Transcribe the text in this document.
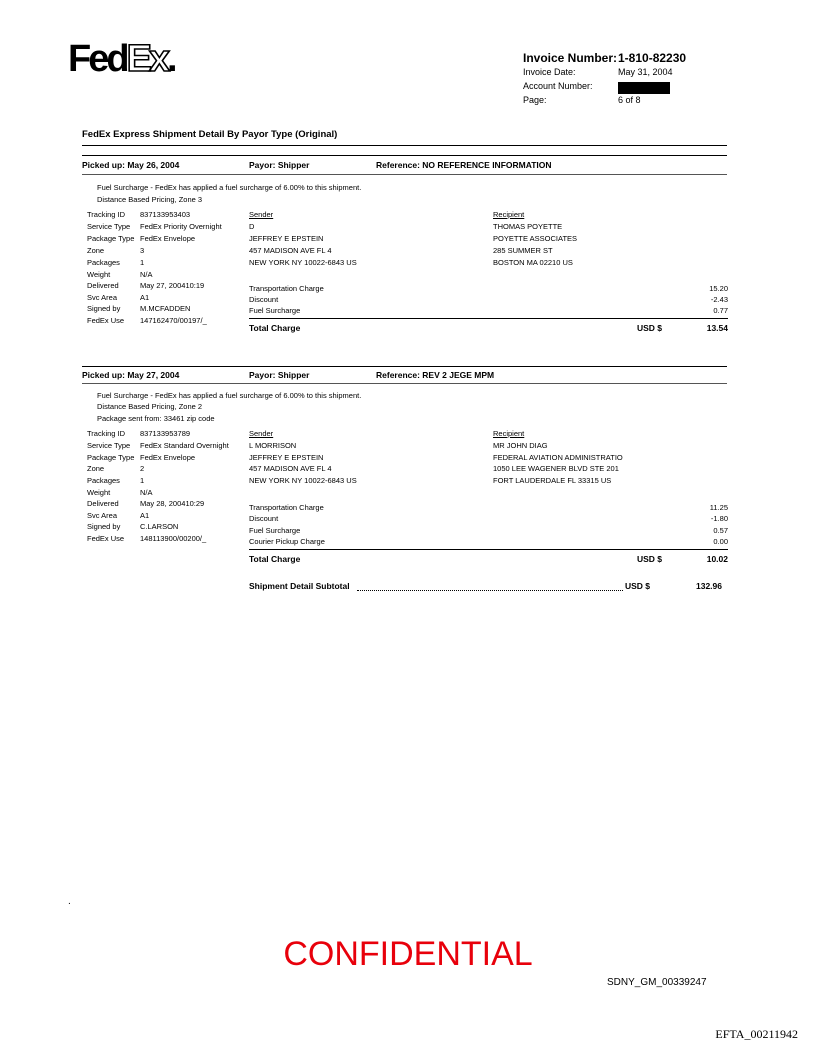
FedEx.	Invoice Number: 1-810-82230
Invoice Date:	May 31, 2004
Account Number:
Page:	6 of 8
FedEx Express Shipment Detail By Payor Type (Original)
Picked up: May 26, 2004	Payor: Shipper	Reference: NO REFERENCE INFORMATION
Fuel Surcharge - FedEx has applied a fuel surcharge of 6.00% to this shipment.
Distance Based Pricing, Zone 3
Tracking ID 837133953403
Service Type FedEx Priority Overnight
Package Type FedEx Envelope
Zone	3
Packages	1
Weight	N/A
Delivered	May 27, 200410:19
Svc Area	A1
Signed by	M.MCFADDEN
FedEx Use 147162470/00197/_
Sender
D
JEFFREY E EPSTEIN
457 MADISON AVE FL 4
NEW YORK NY 10022-6843 US
Recipient
THOMAS POYETTE
POYETTE ASSOCIATES
285 SUMMER ST
BOSTON MA 02210 US
Transportation Charge	15.20
Discount	-2.43
Fuel Surcharge	0.77
Total Charge	USD $	13.54
Picked up: May 27, 2004	Payor: Shipper	Reference: REV 2 JEGE MPM
Fuel Surcharge - FedEx has applied a fuel surcharge of 6.00% to this shipment.
Distance Based Pricing, Zone 2
Package sent from: 33461 zip code
Tracking ID 837133953789
Service Type FedEx Standard Overnight
Package Type FedEx Envelope
Zone	2
Packages	1
Weight	N/A
Delivered	May 28, 200410:29
Svc Area	A1
Signed by	C.LARSON
FedEx Use 148113900/00200/_
Sender
L MORRISON
JEFFREY E EPSTEIN
457 MADISON AVE FL 4
NEW YORK NY 10022-6843 US
Recipient
MR JOHN DIAG
FEDERAL AVIATION ADMINISTRATIO
1050 LEE WAGENER BLVD STE 201
FORT LAUDERDALE FL 33315 US
Transportation Charge	11.25
Discount	-1.80
Fuel Surcharge	0.57
Courier Pickup Charge	0.00
Total Charge	USD $	10.02
Shipment Detail Subtotal	USD $	132.96
.
CONFIDENTIAL
SDNY_GM_00339247
EFTA_00211942
